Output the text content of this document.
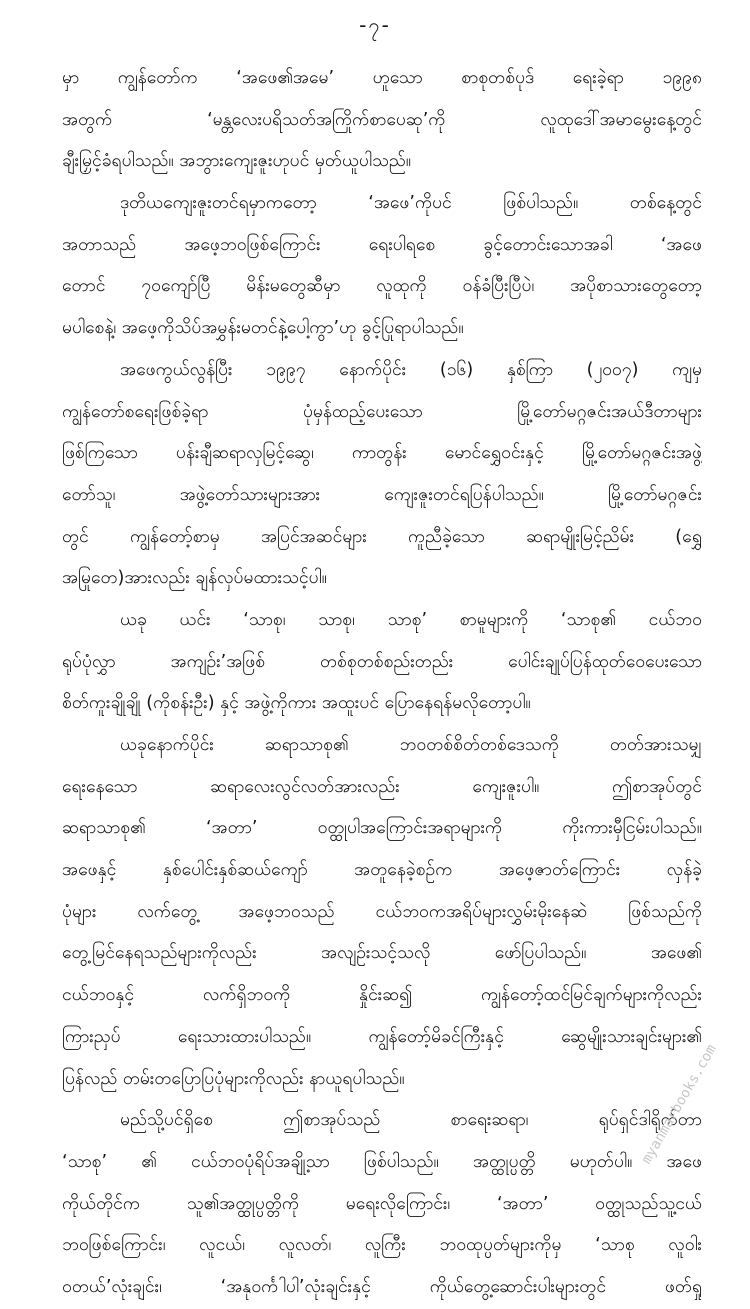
-၇-
မှာ ကျွန်တော်က ‘အဖေ၏အမေ’ ဟူသော စာစုတစ်ပုဒ် ရေးခဲ့ရာ ၁၉၉၈
အတွက် ‘မန္တလေးပရိသတ်အကြိုက်စာပေဆု’ကို လူထုဒေါ်အမာမွေးနေ့တွင်
ချီးမြှင့်ခံရပါသည်။ အဘွားကျေးဇူးဟုပင် မှတ်ယူပါသည်။
ဒုတိယကျေးဇူးတင်ရမှာကတော့ ‘အဖေ’ကိုပင် ဖြစ်ပါသည်။ တစ်နေ့တွင်
အတာသည် အဖေ့ဘဝဖြစ်ကြောင်း ရေးပါရစေ ခွင့်တောင်းသောအခါ ‘အဖေ
တောင် ၇၀ကျော်ပြီ မိန်းမတွေဆီမှာ လူထုကို ဝန်ခံပြီးပြီပဲ၊ အပိုစာသားတွေတော့
မပါစေနဲ့၊ အဖေ့ကိုသိပ်အမွှန်းမတင်နဲ့ပေါ့ကွာ’ဟု ခွင့်ပြုရာပါသည်။
အဖေကွယ်လွန်ပြီး ၁၉၉၇ နောက်ပိုင်း (၁၆) နှစ်ကြာ (၂၀၀၇) ကျမှ
ကျွန်တော်စရေးဖြစ်ခဲ့ရာ ပုံမှန်ထည့်ပေးသော မြို့တော်မဂ္ဂဇင်းအယ်ဒီတာများ
ဖြစ်ကြသော ပန်းချီဆရာလှမြင့်ဆွေ၊ ကာတွန်း မောင်ရွှေဝင်းနှင့် မြို့တော်မဂ္ဂဇင်းအဖွဲ့
တော်သူ၊ အဖွဲ့တော်သားများအား ကျေးဇူးတင်ရပြန်ပါသည်။ မြို့တော်မဂ္ဂဇင်း
တွင် ကျွန်တော့်စာမှ အပြင်အဆင်များ ကူညီခဲ့သော ဆရာမျိုးမြင့်ညိမ်း (ရွှေ
အမြုတေ)အားလည်း ချန်လှပ်မထားသင့်ပါ။
ယခု ယင်း ‘သာစု၊ သာစု၊ သာစု’ စာမူများကို ‘သာစု၏ ငယ်ဘဝ
ရုပ်ပုံလွှာ အကျဉ်း’အဖြစ် တစ်စုတစ်စည်းတည်း ပေါင်းချုပ်ပြန်ထုတ်ဝေပေးသော
စိတ်ကူးချိုချို (ကိုစန်းဦး) နှင့် အဖွဲ့ကိုကား အထူးပင် ပြောနေရန်မလိုတော့ပါ။
ယခုနောက်ပိုင်း ဆရာသာစု၏ ဘဝတစ်စိတ်တစ်ဒေသကို တတ်အားသမျှ
ရေးနေသော ဆရာလေးလွင်လတ်အားလည်း ကျေးဇူးပါ။ ဤစာအုပ်တွင်
ဆရာသာစု၏ ‘အတာ’ ဝတ္ထုပါအကြောင်းအရာများကို ကိုးကားမှီငြမ်းပါသည်။
အဖေနှင့် နှစ်ပေါင်းနှစ်ဆယ်ကျော် အတူနေခဲ့စဉ်က အဖေ့ဇာတ်ကြောင်း လှန်ခဲ့
ပုံများ လက်တွေ့ အဖေ့ဘဝသည် ငယ်ဘဝကအရိပ်များလွှမ်းမိုးနေဆဲ ဖြစ်သည်ကို
တွေ့မြင်နေရသည်များကိုလည်း အလျဉ်းသင့်သလို ဖော်ပြပါသည်။ အဖေ၏
ငယ်ဘဝနှင့် လက်ရှိဘဝကို နှိုင်းဆ၍ ကျွန်တော့်ထင်မြင်ချက်များကိုလည်း
ကြားညှပ် ရေးသားထားပါသည်။ ကျွန်တော့်မိခင်ကြီးနှင့် ဆွေမျိုးသားချင်းများ၏
ပြန်လည် တမ်းတပြောပြပုံများကိုလည်း နာယူရပါသည်။
မည်သို့ပင်ရှိစေ ဤစာအုပ်သည် စာရေးဆရာ၊ ရုပ်ရှင်ဒါရိုက်တာ
‘သာစု’ ၏ ငယ်ဘဝပုံရိပ်အချို့သာ ဖြစ်ပါသည်။ အတ္ထုပ္ပတ္တိ မဟုတ်ပါ။ အဖေ
ကိုယ်တိုင်က သူ၏အတ္ထုပ္ပတ္တိကို မရေးလိုကြောင်း၊ ‘အတာ’ ဝတ္ထုသည်သူ့ငယ်
ဘဝဖြစ်ကြောင်း၊ လူငယ်၊ လူလတ်၊ လူကြီး ဘဝထုပ္ပတ်များကိုမှ ‘သာစု လူဝါး
ဝတယ်’လုံးချင်း၊ ‘အနုဝင်္ကါပါ’လုံးချင်းနှင့် ကိုယ်တွေ့ဆောင်းပါးများတွင် ဖတ်ရှု
myanmarbooks.com
